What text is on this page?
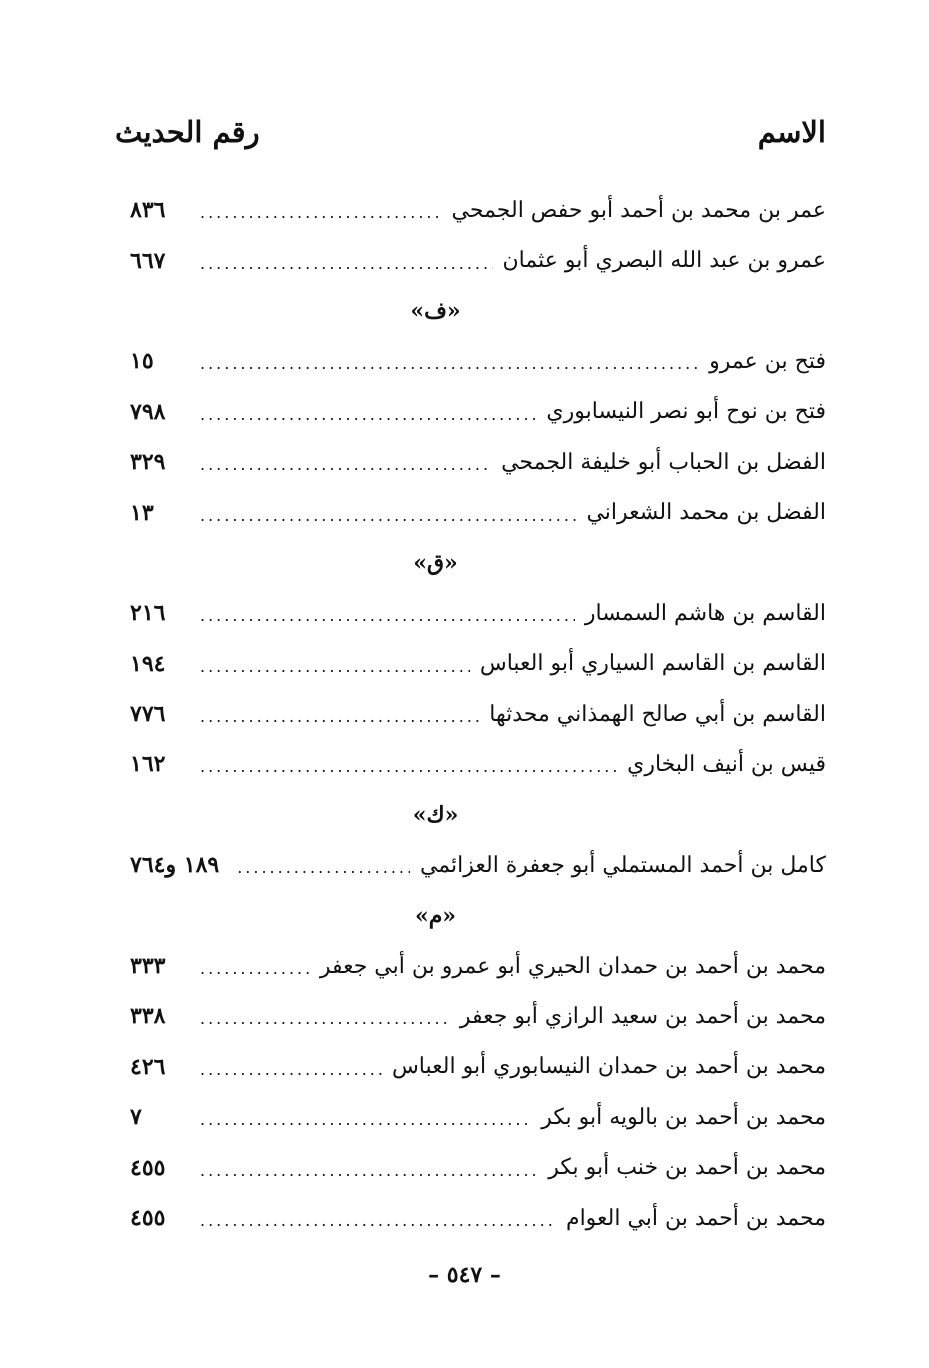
الاسم
رقم الحديث
عمر بن محمد بن أحمد أبو حفص الجمحي
.....
٨٣٦
عمرو بن عبد الله البصري أبو عثمان
.....
٦٦٧
«ف»
فتح بن عمرو
.....
١٥
فتح بن نوح أبو نصر النيسابوري
.....
٧٩٨
الفضل بن الحباب أبو خليفة الجمحي
.....
٣٢٩
الفضل بن محمد الشعراني
.....
١٣
«ق»
القاسم بن هاشم السمسار
.....
٢١٦
القاسم بن القاسم السياري أبو العباس
.....
١٩٤
القاسم بن أبي صالح الهمذاني محدثها
.....
٧٧٦
قيس بن أنيف البخاري
.....
١٦٢
«ك»
كامل بن أحمد المستملي أبو جعفرة العزائمي
.....
١٨٩ و٧٦٤
«م»
محمد بن أحمد بن حمدان الحيري أبو عمرو بن أبي جعفر
.....
٣٣٣
محمد بن أحمد بن سعيد الرازي أبو جعفر
.....
٣٣٨
محمد بن أحمد بن حمدان النيسابوري أبو العباس
.....
٤٢٦
محمد بن أحمد بن بالويه أبو بكر
.....
٧
محمد بن أحمد بن خنب أبو بكر
.....
٤٥٥
محمد بن أحمد بن أبي العوام
.....
٤٥٥
– ٥٤٧ –
